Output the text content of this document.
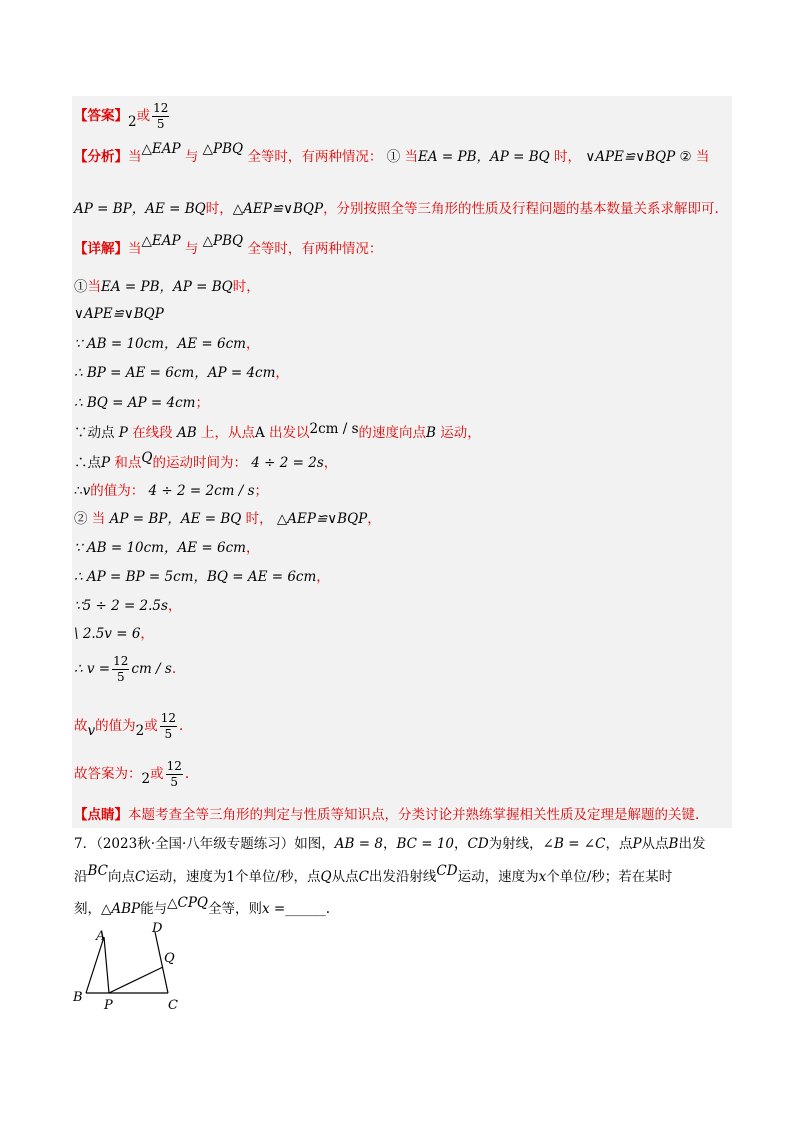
【答案】2或 $\frac{12}{5}$
【分析】当△EAP 与 △PBQ 全等时，有两种情况： ① 当EA = PB，AP = BQ 时， ∨APE≌∨BQP ② 当
AP = BP，AE = BQ时，△AEP≌∨BQP，分别按照全等三角形的性质及行程问题的基本数量关系求解即可.
【详解】当△EAP 与 △PBQ 全等时，有两种情况：
①当EA = PB，AP = BQ时，
∨APE≌∨BQP
∵ AB = 10cm，AE = 6cm，
∴ BP = AE = 6cm，AP = 4cm，
∴ BQ = AP = 4cm；
∵动点 P 在线段 AB 上，从点A 出发以2cm / s的速度向点B 运动，
∴点P 和点Q的运动时间为： 4 ÷ 2 = 2s，
∴v的值为： 4 ÷ 2 = 2cm / s；
② 当 AP = BP，AE = BQ 时， △AEP≌∨BQP，
∵ AB = 10cm，AE = 6cm，
∴ AP = BP = 5cm，BQ = AE = 6cm，
∵5 ÷ 2 = 2.5s，
\ 2.5v = 6，
∴ $v = \frac{12}{5}$ cm / s.
故v的值为2或 $\frac{12}{5}$ .
故答案为：2或 $\frac{12}{5}$ .
【点睛】本题考查全等三角形的判定与性质等知识点，分类讨论并熟练掌握相关性质及定理是解题的关键.
7．（2023秋·全国·八年级专题练习）如图，AB = 8，BC = 10，CD为射线，∠B = ∠C，点P从点B出发
沿BC向点C运动，速度为1个单位/秒，点Q从点C出发沿射线CD运动，速度为x个单位/秒；若在某时
刻，△ABP能与△CPQ全等，则x =______.
A
B
P	C
D
Q
